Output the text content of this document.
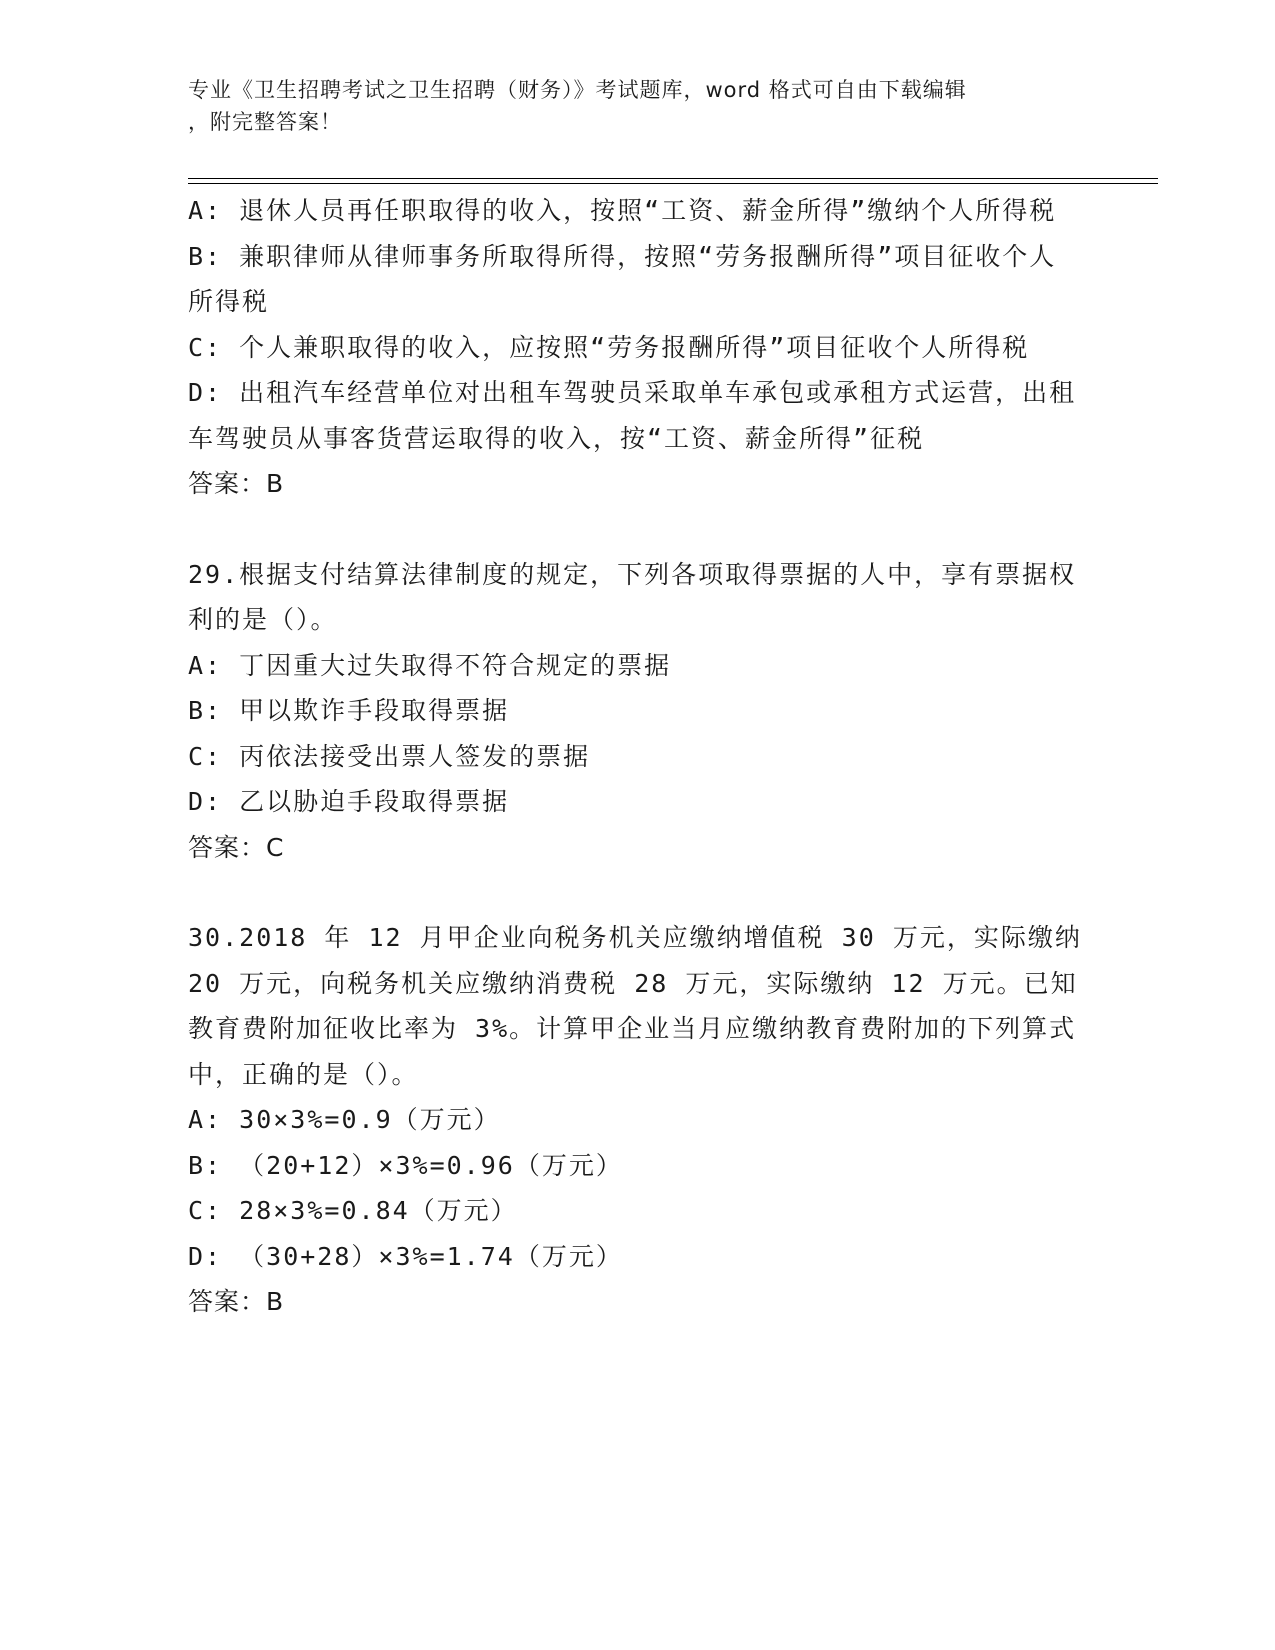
专业《卫生招聘考试之卫生招聘（财务）》考试题库，word 格式可自由下载编辑
，附完整答案！

A: 退休人员再任职取得的收入，按照“工资、薪金所得”缴纳个人所得税

B: 兼职律师从律师事务所取得所得，按照“劳务报酬所得”项目征收个人所得税

C: 个人兼职取得的收入，应按照“劳务报酬所得”项目征收个人所得税

D: 出租汽车经营单位对出租车驾驶员采取单车承包或承租方式运营，出租车驾驶员从事客货营运取得的收入，按“工资、薪金所得”征税

答案：B

29.根据支付结算法律制度的规定，下列各项取得票据的人中，享有票据权利的是（）。

A: 丁因重大过失取得不符合规定的票据

B: 甲以欺诈手段取得票据

C: 丙依法接受出票人签发的票据

D: 乙以胁迫手段取得票据

答案：C

30.2018 年 12 月甲企业向税务机关应缴纳增值税 30 万元，实际缴纳 20 万元，向税务机关应缴纳消费税 28 万元，实际缴纳 12 万元。已知教育费附加征收比率为 3%。计算甲企业当月应缴纳教育费附加的下列算式中，正确的是（）。

A: 30×3%=0.9（万元）

B: （20+12）×3%=0.96（万元）

C: 28×3%=0.84（万元）

D: （30+28）×3%=1.74（万元）

答案：B
